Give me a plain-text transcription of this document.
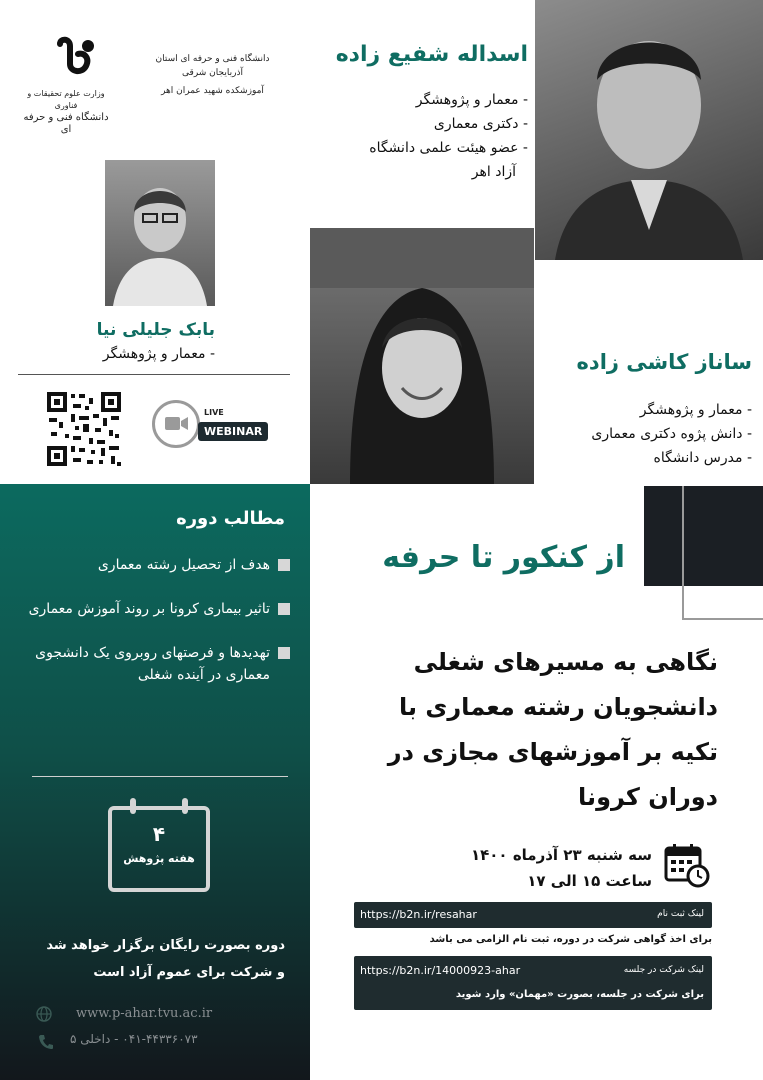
وزارت علوم تحقیقات و فناوری
دانشگاه فنی و حرفه ای
دانشگاه فنی و حرفه ای استان آذربایجان شرقی
آموزشکده شهید عمران اهر
اسداله شفیع زاده
- معمار و پژوهشگر
- دکتری معماری
- عضو هیئت علمی دانشگاه
آزاد اهر
بابک جلیلی نیا
- معمار و پژوهشگر
LIVE
WEBINAR
ساناز کاشی زاده
- معمار و پژوهشگر
- دانش پژوه دکتری معماری
- مدرس دانشگاه
مطالب دوره
هدف از تحصیل رشته معماری
تاثیر بیماری کرونا بر روند آموزش معماری
تهدیدها و فرصتهای روبروی یک دانشجوی معماری در آینده شغلی
۴
هفته پژوهش
دوره بصورت رایگان برگزار خواهد شد
و شرکت برای عموم آزاد است
www.p-ahar.tvu.ac.ir
۰۴۱-۴۴۳۳۶۰۷۳ - داخلی ۵
از کنکور تا حرفه
نگاهی به مسیرهای شغلی
دانشجویان رشته معماری با
تکیه بر آموزشهای مجازی در
دوران کرونا
سه شنبه ۲۳ آذرماه ۱۴۰۰
ساعت ۱۵ الی ۱۷
https://b2n.ir/resahar	لینک ثبت نام
برای اخذ گواهی شرکت در دوره، ثبت نام الزامی می باشد
https://b2n.ir/14000923-ahar	لینک شرکت در جلسه
برای شرکت در جلسه، بصورت «مهمان» وارد شوید
